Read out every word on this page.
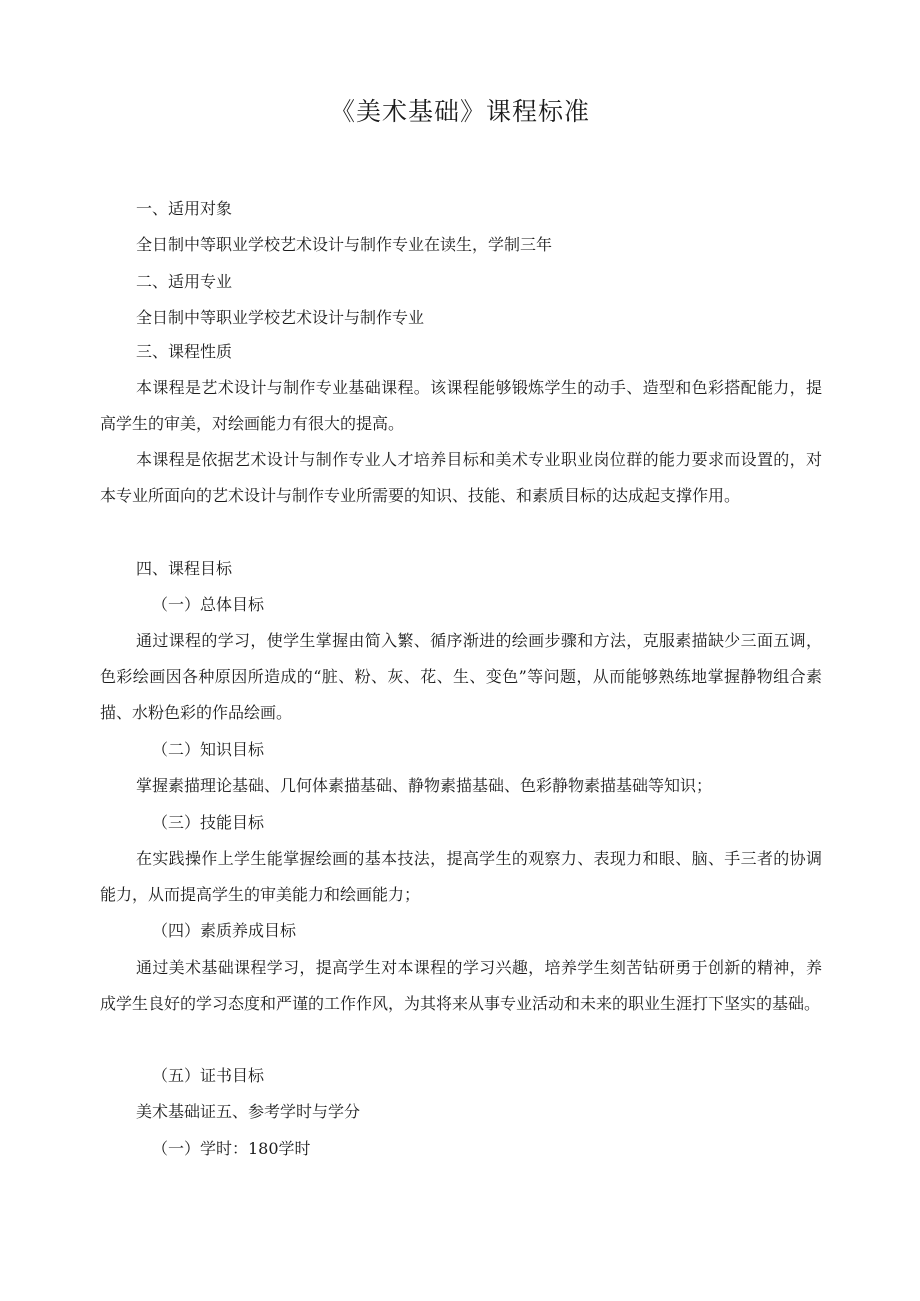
《美术基础》课程标准
一、适用对象
全日制中等职业学校艺术设计与制作专业在读生，学制三年
二、适用专业
全日制中等职业学校艺术设计与制作专业
三、课程性质

本课程是艺术设计与制作专业基础课程。该课程能够锻炼学生的动手、造型和色彩搭配能力，提高学生的审美，对绘画能力有很大的提高。

本课程是依据艺术设计与制作专业人才培养目标和美术专业职业岗位群的能力要求而设置的，对本专业所面向的艺术设计与制作专业所需要的知识、技能、和素质目标的达成起支撑作用。

四、课程目标
（一）总体目标

通过课程的学习，使学生掌握由简入繁、循序渐进的绘画步骤和方法，克服素描缺少三面五调，色彩绘画因各种原因所造成的“脏、粉、灰、花、生、变色”等问题，从而能够熟练地掌握静物组合素描、水粉色彩的作品绘画。

（二）知识目标

掌握素描理论基础、几何体素描基础、静物素描基础、色彩静物素描基础等知识；

（三）技能目标

在实践操作上学生能掌握绘画的基本技法，提高学生的观察力、表现力和眼、脑、手三者的协调能力，从而提高学生的审美能力和绘画能力；

（四）素质养成目标

通过美术基础课程学习，提高学生对本课程的学习兴趣，培养学生刻苦钻研勇于创新的精神，养成学生良好的学习态度和严谨的工作作风，为其将来从事专业活动和未来的职业生涯打下坚实的基础。

（五）证书目标
美术基础证五、参考学时与学分
（一）学时：180学时
